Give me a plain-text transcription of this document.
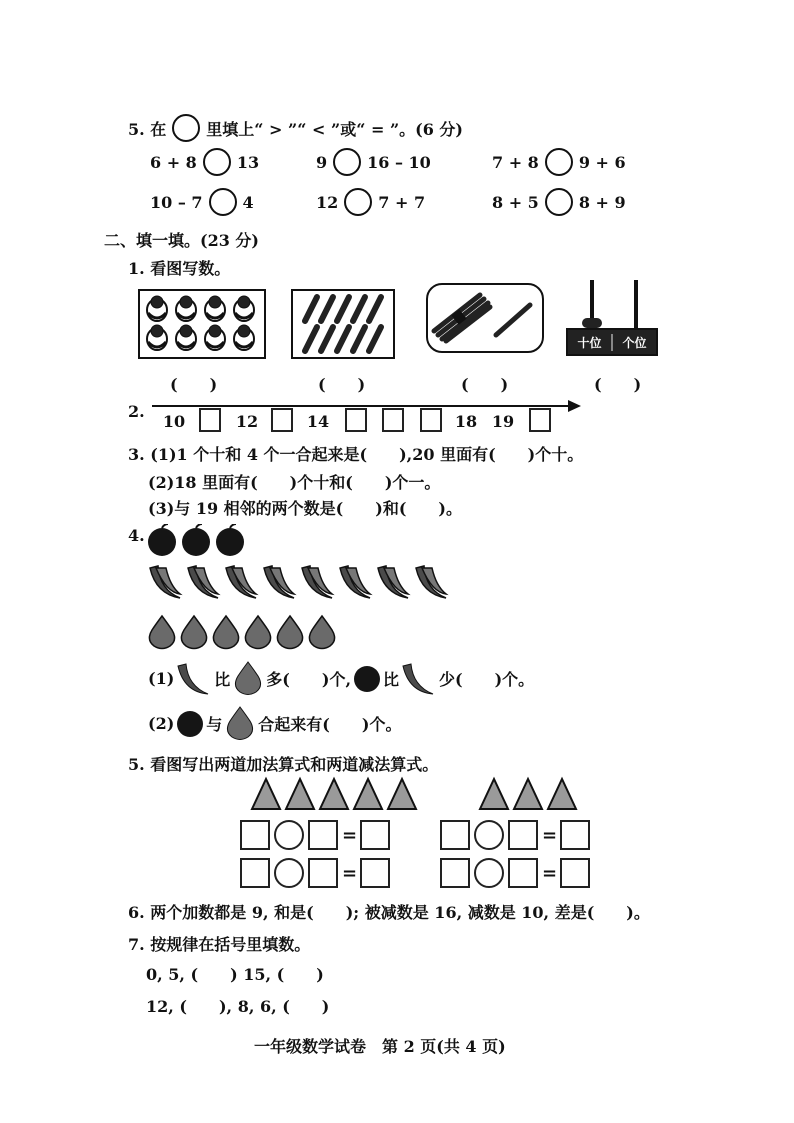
5. 在	里填上“ > ”“ < ”或“ = ”。(6 分)
6 + 8	13	9	16 – 10	7 + 8	9 + 6
10 – 7	4	12	7 + 7	8 + 5	8 + 9
二、填一填。(23 分)
1. 看图写数。
十位	个位
(　　)	(　　)	(　　)	(　　)
2.
10	12	14	18 19
3. (1)1 个十和 4 个一合起来是(　　),20 里面有(　　)个十。
(2)18 里面有(　　)个十和(　　)个一。
(3)与 19 相邻的两个数是(　　)和(　　)。
4.
(1)	比 多(　　)个, 比	少(　　)个。
(2) 与 合起来有(　　)个。
5. 看图写出两道加法算式和两道减法算式。
=	=
=	=
6. 两个加数都是 9, 和是(　　); 被减数是 16, 减数是 10, 差是(　　)。
7. 按规律在括号里填数。
0, 5, (　　) 15, (　　)
12, (　　), 8, 6, (　　)
一年级数学试卷　第 2 页(共 4 页)
